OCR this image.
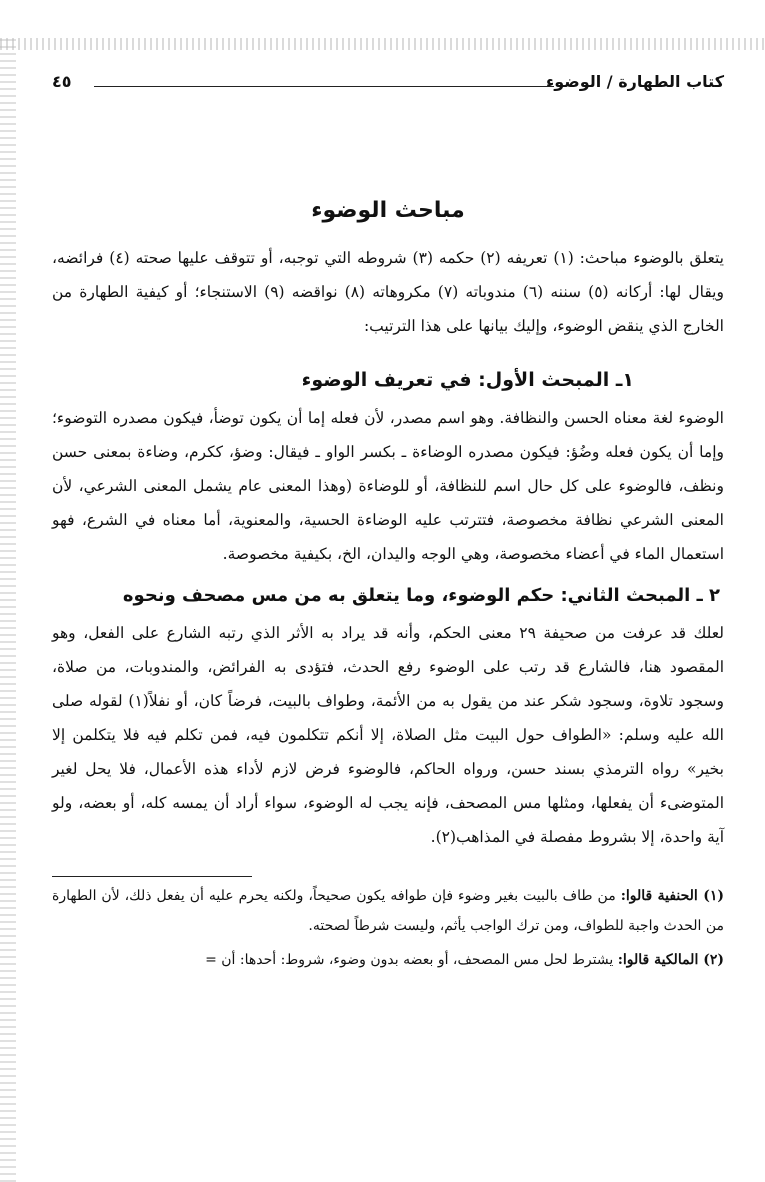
كتاب الطهارة / الوضوء
٤٥
مباحث الوضوء

يتعلق بالوضوء مباحث: (١) تعريفه (٢) حكمه (٣) شروطه التي توجبه، أو تتوقف عليها صحته (٤) فرائضه، ويقال لها: أركانه (٥) سننه (٦) مندوباته (٧) مكروهاته (٨) نواقضه (٩) الاستنجاء؛ أو كيفية الطهارة من الخارج الذي ينقض الوضوء، وإليك بيانها على هذا الترتيب:

١ـ المبحث الأول: في تعريف الوضوء

الوضوء لغة معناه الحسن والنظافة. وهو اسم مصدر، لأن فعله إما أن يكون توضأ، فيكون مصدره التوضوء؛ وإما أن يكون فعله وضُؤ: فيكون مصدره الوضاءة ـ بكسر الواو ـ فيقال: وضؤ، ككرم، وضاءة بمعنى حسن ونظف، فالوضوء على كل حال اسم للنظافة، أو للوضاءة (وهذا المعنى عام يشمل المعنى الشرعي، لأن المعنى الشرعي نظافة مخصوصة، فتترتب عليه الوضاءة الحسية، والمعنوية، أما معناه في الشرع، فهو استعمال الماء في أعضاء مخصوصة، وهي الوجه واليدان، الخ، بكيفية مخصوصة.

٢ ـ المبحث الثاني: حكم الوضوء، وما يتعلق به من مس مصحف ونحوه

لعلك قد عرفت من صحيفة ٢٩ معنى الحكم، وأنه قد يراد به الأثر الذي رتبه الشارع على الفعل، وهو المقصود هنا، فالشارع قد رتب على الوضوء رفع الحدث، فتؤدى به الفرائض، والمندوبات، من صلاة، وسجود تلاوة، وسجود شكر عند من يقول به من الأئمة، وطواف بالبيت، فرضاً كان، أو نفلاً(١) لقوله صلى الله عليه وسلم: «الطواف حول البيت مثل الصلاة، إلا أنكم تتكلمون فيه، فمن تكلم فيه فلا يتكلمن إلا بخير» رواه الترمذي بسند حسن، ورواه الحاكم، فالوضوء فرض لازم لأداء هذه الأعمال، فلا يحل لغير المتوضىء أن يفعلها، ومثلها مس المصحف، فإنه يجب له الوضوء، سواء أراد أن يمسه كله، أو بعضه، ولو آية واحدة، إلا بشروط مفصلة في المذاهب(٢).

(١) الحنفية قالوا: من طاف بالبيت بغير وضوء فإن طوافه يكون صحيحاً، ولكنه يحرم عليه أن يفعل ذلك، لأن الطهارة من الحدث واجبة للطواف، ومن ترك الواجب يأثم، وليست شرطاً لصحته.

(٢) المالكية قالوا: يشترط لحل مس المصحف، أو بعضه بدون وضوء، شروط: أحدها: أن =
